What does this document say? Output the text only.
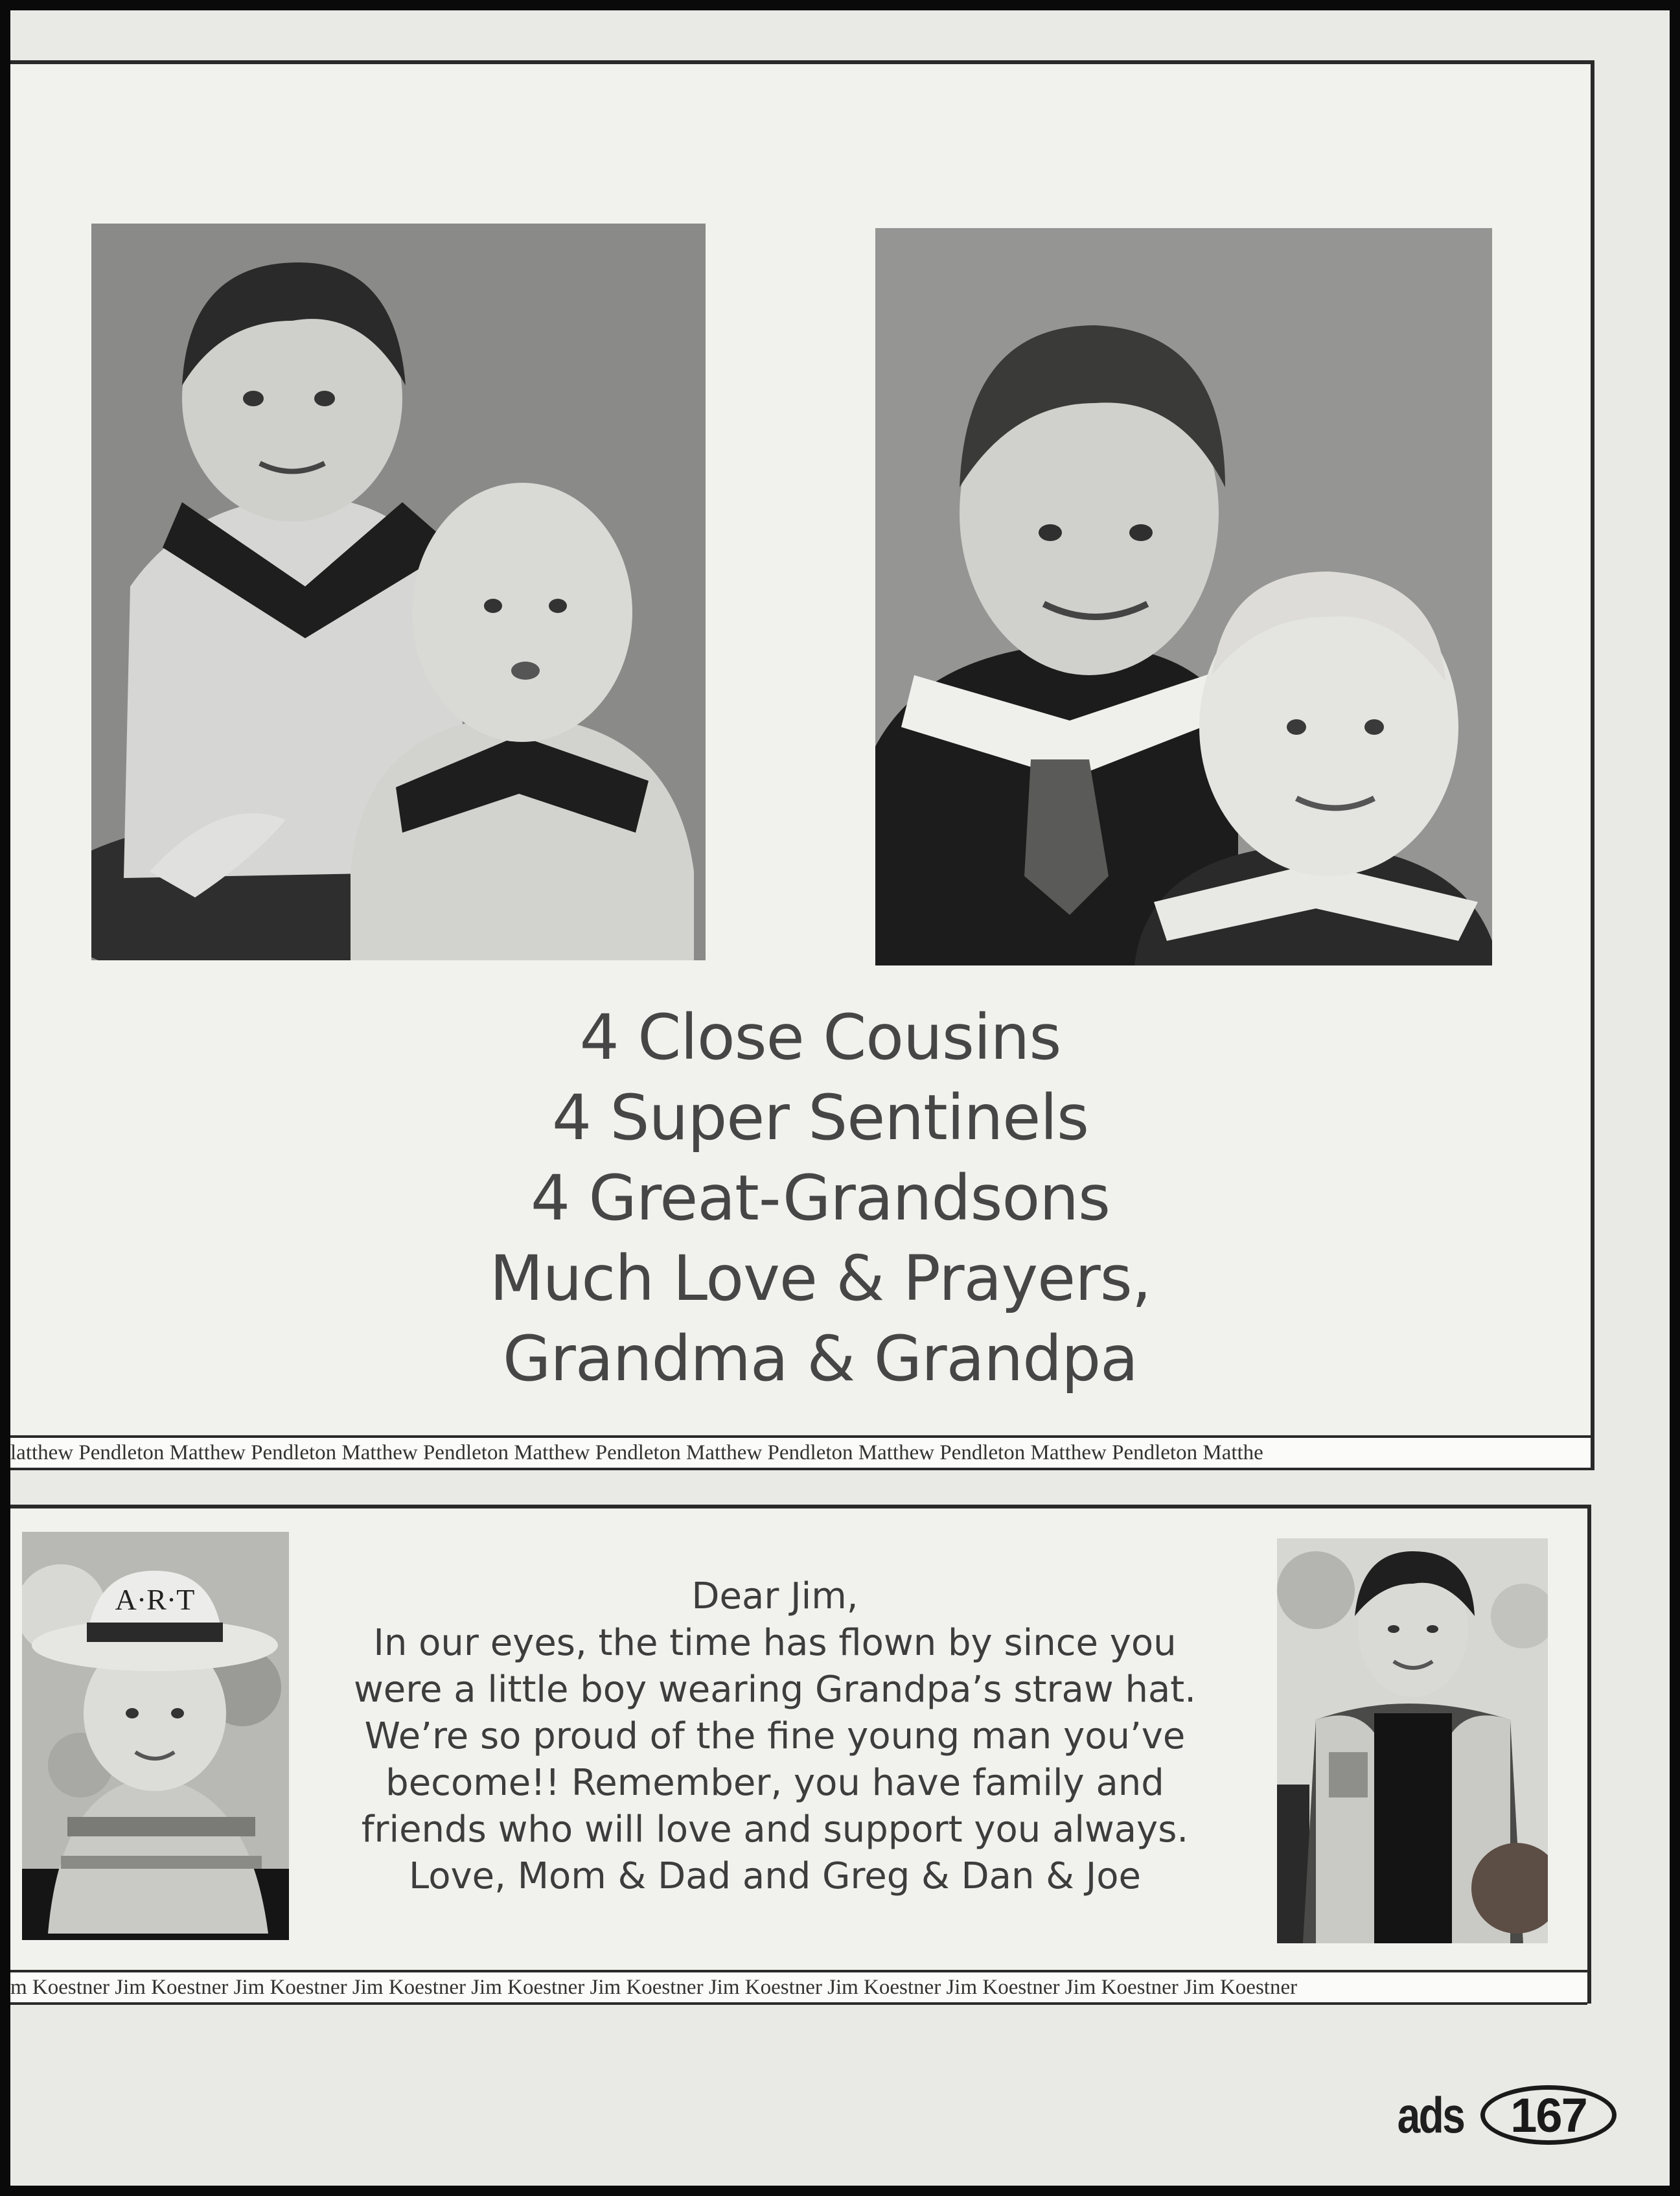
4 Close Cousins
4 Super Sentinels
4 Great-Grandsons
Much Love & Prayers,
Grandma & Grandpa
latthew Pendleton Matthew Pendleton Matthew Pendleton Matthew Pendleton Matthew Pendleton Matthew Pendleton Matthew Pendleton Matthe
A·R·T	Dear Jim,
In our eyes, the time has flown by since you
were a little boy wearing Grandpa’s straw hat.
We’re so proud of the fine young man you’ve
become!! Remember, you have family and
friends who will love and support you always.
Love, Mom & Dad and Greg & Dan & Joe
m Koestner Jim Koestner Jim Koestner Jim Koestner Jim Koestner Jim Koestner Jim Koestner Jim Koestner Jim Koestner Jim Koestner Jim Koestner
ads 167
